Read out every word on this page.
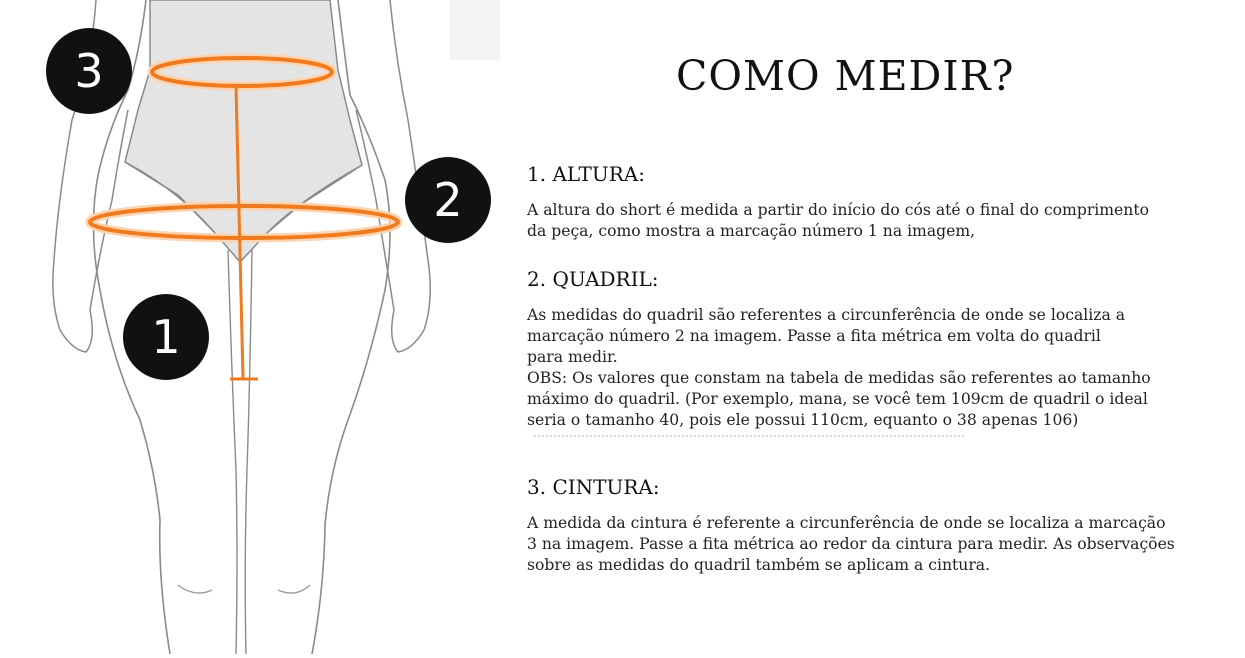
3
2
1
COMO MEDIR?
1. ALTURA:

A altura do short é medida a partir do início do cós até o final do comprimento
da peça, como mostra a marcação número 1 na imagem,

2. QUADRIL:

As medidas do quadril são referentes a circunferência de onde se localiza a
marcação número 2 na imagem. Passe a fita métrica em volta do quadril
para medir.
OBS: Os valores que constam na tabela de medidas são referentes ao tamanho
máximo do quadril. (Por exemplo, mana, se você tem 109cm de quadril o ideal
seria o tamanho 40, pois ele possui 110cm, equanto o 38 apenas 106)

3. CINTURA:

A medida da cintura é referente a circunferência de onde se localiza a marcação
3 na imagem. Passe a fita métrica ao redor da cintura para medir. As observações
sobre as medidas do quadril também se aplicam a cintura.
